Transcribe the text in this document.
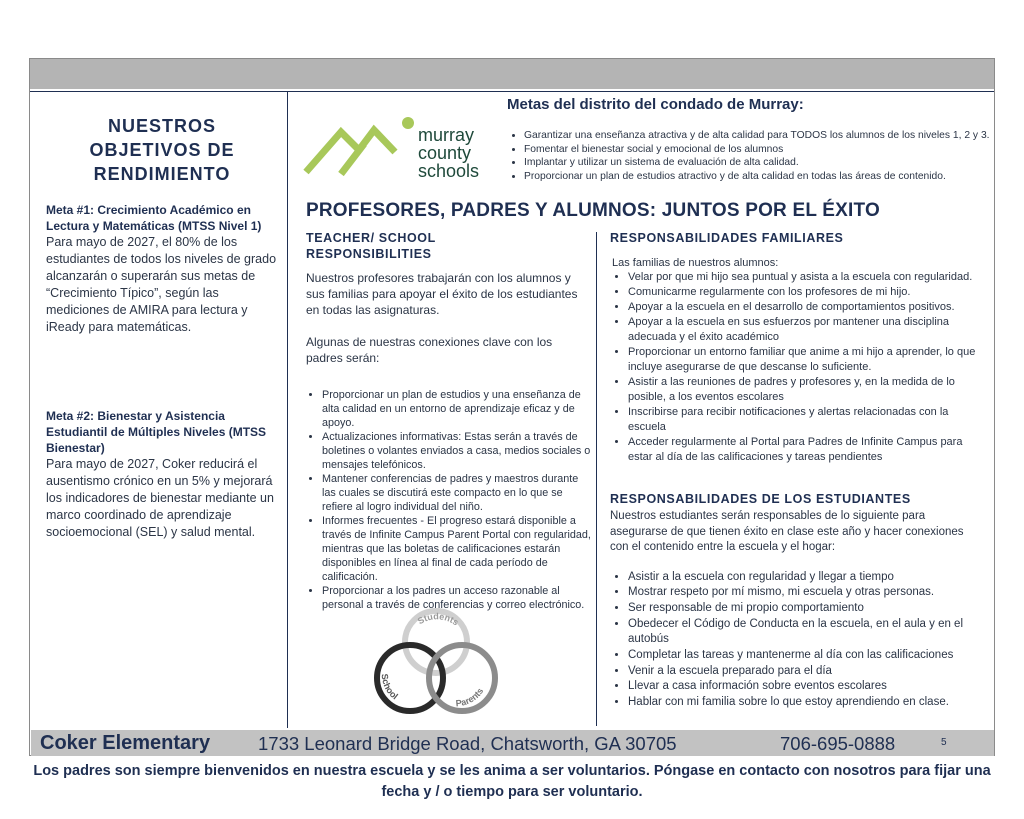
NUESTROS
OBJETIVOS DE
RENDIMIENTO

Meta #1: Crecimiento Académico en Lectura y Matemáticas (MTSS Nivel 1)

Para mayo de 2027, el 80% de los estudiantes de todos los niveles de grado alcanzarán o superarán sus metas de “Crecimiento Típico”, según las mediciones de AMIRA para lectura y iReady para matemáticas.

Meta #2: Bienestar y Asistencia Estudiantil de Múltiples Niveles (MTSS Bienestar)

Para mayo de 2027, Coker reducirá el ausentismo crónico en un 5% y mejorará los indicadores de bienestar mediante un marco coordinado de aprendizaje socioemocional (SEL) y salud mental.

Metas del distrito del condado de Murray:
murray
county
schools
• Garantizar una enseñanza atractiva y de alta calidad para TODOS los alumnos de los niveles 1, 2 y 3.
• Fomentar el bienestar social y emocional de los alumnos
• Implantar y utilizar un sistema de evaluación de alta calidad.
• Proporcionar un plan de estudios atractivo y de alta calidad en todas las áreas de contenido.
PROFESORES, PADRES Y ALUMNOS: JUNTOS POR EL ÉXITO
TEACHER/ SCHOOL
RESPONSIBILITIES

Nuestros profesores trabajarán con los alumnos y sus familias para apoyar el éxito de los estudiantes en todas las asignaturas.

Algunas de nuestras conexiones clave con los padres serán:

• Proporcionar un plan de estudios y una enseñanza de alta calidad en un entorno de aprendizaje eficaz y de apoyo.
• Actualizaciones informativas: Estas serán a través de boletines o volantes enviados a casa, medios sociales o mensajes telefónicos.
• Mantener conferencias de padres y maestros durante las cuales se discutirá este compacto en lo que se refiere al logro individual del niño.
• Informes frecuentes - El progreso estará disponible a través de Infinite Campus Parent Portal con regularidad, mientras que las boletas de calificaciones estarán disponibles en línea al final de cada período de calificación.
• Proporcionar a los padres un acceso razonable al personal a través de conferencias y correo electrónico.
RESPONSABILIDADES FAMILIARES

Las familias de nuestros alumnos:

• Velar por que mi hijo sea puntual y asista a la escuela con regularidad.
• Comunicarme regularmente con los profesores de mi hijo.
• Apoyar a la escuela en el desarrollo de comportamientos positivos.
• Apoyar a la escuela en sus esfuerzos por mantener una disciplina adecuada y el éxito académico
• Proporcionar un entorno familiar que anime a mi hijo a aprender, lo que incluye asegurarse de que descanse lo suficiente.
• Asistir a las reuniones de padres y profesores y, en la medida de lo posible, a los eventos escolares
• Inscribirse para recibir notificaciones y alertas relacionadas con la escuela
• Acceder regularmente al Portal para Padres de Infinite Campus para estar al día de las calificaciones y tareas pendientes
RESPONSABILIDADES DE LOS ESTUDIANTES

Nuestros estudiantes serán responsables de lo siguiente para asegurarse de que tienen éxito en clase este año y hacer conexiones con el contenido entre la escuela y el hogar:

• Asistir a la escuela con regularidad y llegar a tiempo
• Mostrar respeto por mí mismo, mi escuela y otras personas.
• Ser responsable de mi propio comportamiento
• Obedecer el Código de Conducta en la escuela, en el aula y en el autobús
• Completar las tareas y mantenerme al día con las calificaciones
• Venir a la escuela preparado para el día
• Llevar a casa información sobre eventos escolares
• Hablar con mi familia sobre lo que estoy aprendiendo en clase.
Students
School
Parents

Coker Elementary	1733 Leonard Bridge Road, Chatsworth, GA 30705	706-695-0888	5

Los padres son siempre bienvenidos en nuestra escuela y se les anima a ser voluntarios. Póngase en contacto con nosotros para fijar una fecha y / o tiempo para ser voluntario.
